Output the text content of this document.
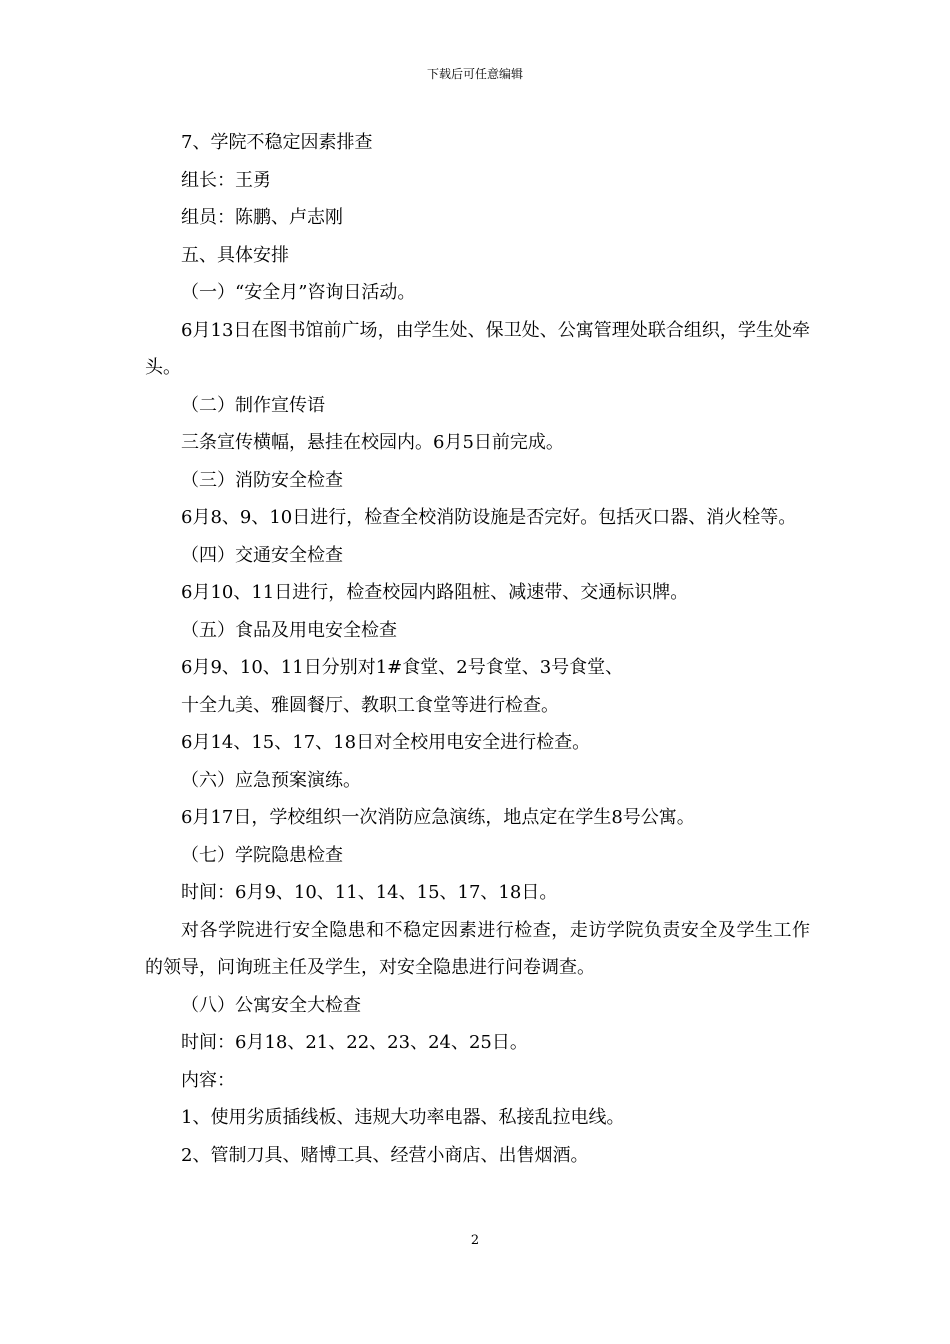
下载后可任意编辑

7、学院不稳定因素排查

组长：王勇

组员：陈鹏、卢志刚

五、具体安排

（一）“安全月”咨询日活动。

6月13日在图书馆前广场，由学生处、保卫处、公寓管理处联合组织，学生处牵头。

（二）制作宣传语

三条宣传横幅，悬挂在校园内。6月5日前完成。

（三）消防安全检查

6月8、9、10日进行，检查全校消防设施是否完好。包括灭口器、消火栓等。

（四）交通安全检查

6月10、11日进行，检查校园内路阻桩、减速带、交通标识牌。

（五）食品及用电安全检查

6月9、10、11日分别对1#食堂、2号食堂、3号食堂、

十全九美、雅圆餐厅、教职工食堂等进行检查。

6月14、15、17、18日对全校用电安全进行检查。

（六）应急预案演练。

6月17日，学校组织一次消防应急演练，地点定在学生8号公寓。

（七）学院隐患检查

时间：6月9、10、11、14、15、17、18日。

对各学院进行安全隐患和不稳定因素进行检查，走访学院负责安全及学生工作的领导，问询班主任及学生，对安全隐患进行问卷调查。

（八）公寓安全大检查

时间：6月18、21、22、23、24、25日。

内容：

1、使用劣质插线板、违规大功率电器、私接乱拉电线。

2、管制刀具、赌博工具、经营小商店、出售烟酒。

2
